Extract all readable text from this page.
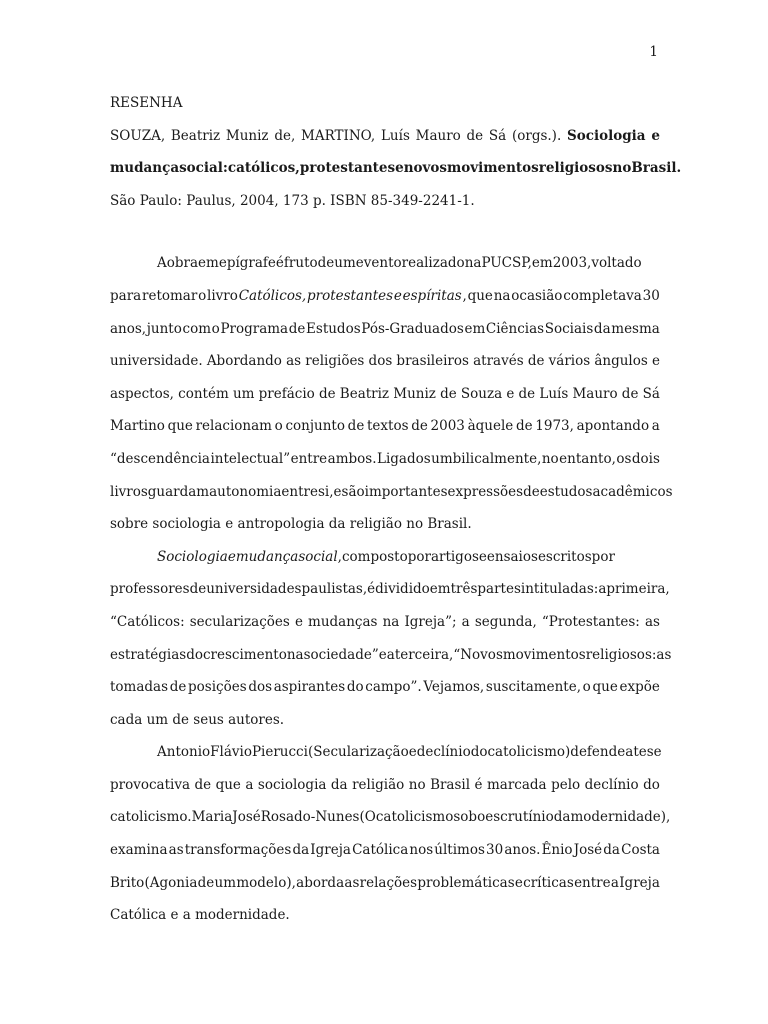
1
RESENHA
SOUZA, Beatriz Muniz de, MARTINO, Luís Mauro de Sá (orgs.). Sociologia e
mudança social: católicos, protestantes e novos movimentos religiosos no Brasil.
São Paulo: Paulus, 2004, 173 p. ISBN 85-349-2241-1.
AobraemepígrafeéfrutodeumeventorealizadonaPUCSP,em2003,voltado
para retomar o livro Católicos, protestantes e espíritas , que na ocasião completava 30
anos, junto com o Programa de Estudos Pós-Graduados em Ciências Sociais da mesma
universidade. Abordando as religiões dos brasileiros através de vários ângulos e
aspectos, contém um prefácio de Beatriz Muniz de Souza e de Luís Mauro de Sá
Martino que relacionam o conjunto de textos de 2003 àquele de 1973, apontando a
“descendência intelectual” entre ambos. Ligados umbilicalmente, no entanto, os dois
livros guardam autonomia entre si, e são importantes expressões de estudos acadêmicos
sobre sociologia e antropologia da religião no Brasil.
Sociologiaemudançasocial,compostoporartigoseensaiosescritospor
professores de universidades paulistas, é dividido em três partes intituladas: a primeira,
“Católicos: secularizações e mudanças na Igreja”; a segunda, “Protestantes: as
estratégias do crescimento na sociedade” e a terceira, “Novos movimentos religiosos: as
tomadas de posições dos aspirantes do campo”. Vejamos, suscitamente, o que expõe
cada um de seus autores.
AntonioFlávioPierucci(Secularizaçãoedeclíniodocatolicismo)defendeatese
provocativa de que a sociologia da religião no Brasil é marcada pelo declínio do
catolicismo. Maria José Rosado-Nunes (O catolicismo sob o escrutínio da modernidade),
examina as transformações da Igreja Católica nos últimos 30 anos. Ênio José da Costa
Brito (Agonia de um modelo), aborda as relações problemáticas e críticas entre a Igreja
Católica e a modernidade.
